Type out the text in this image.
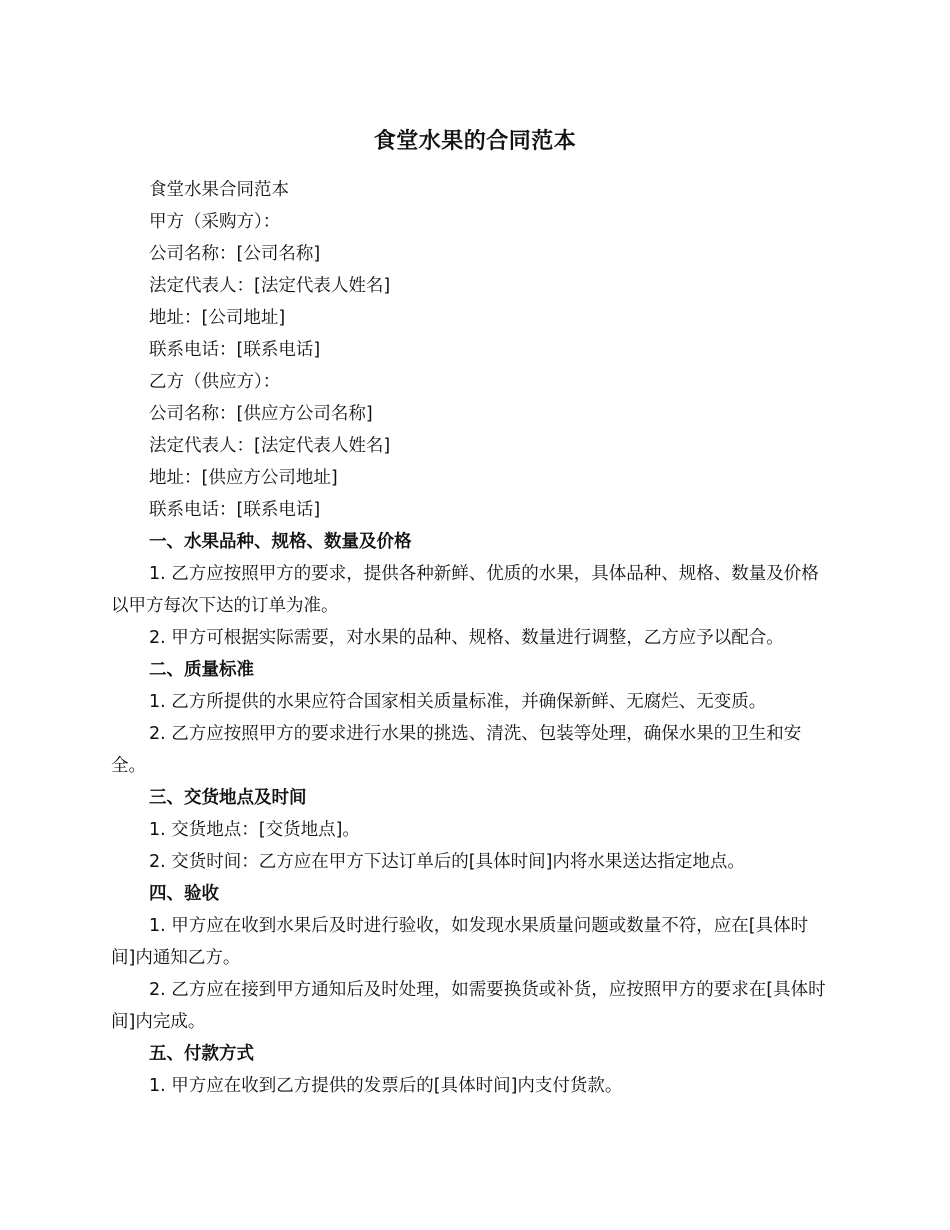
食堂水果的合同范本

食堂水果合同范本

甲方（采购方）：

公司名称：[公司名称]

法定代表人：[法定代表人姓名]

地址：[公司地址]

联系电话：[联系电话]

乙方（供应方）：

公司名称：[供应方公司名称]

法定代表人：[法定代表人姓名]

地址：[供应方公司地址]

联系电话：[联系电话]

一、水果品种、规格、数量及价格

1. 乙方应按照甲方的要求，提供各种新鲜、优质的水果，具体品种、规格、数量及价格以甲方每次下达的订单为准。

2. 甲方可根据实际需要，对水果的品种、规格、数量进行调整，乙方应予以配合。

二、质量标准

1. 乙方所提供的水果应符合国家相关质量标准，并确保新鲜、无腐烂、无变质。

2. 乙方应按照甲方的要求进行水果的挑选、清洗、包装等处理，确保水果的卫生和安全。

三、交货地点及时间

1. 交货地点：[交货地点]。

2. 交货时间：乙方应在甲方下达订单后的[具体时间]内将水果送达指定地点。

四、验收

1. 甲方应在收到水果后及时进行验收，如发现水果质量问题或数量不符，应在[具体时间]内通知乙方。

2. 乙方应在接到甲方通知后及时处理，如需要换货或补货，应按照甲方的要求在[具体时间]内完成。

五、付款方式

1. 甲方应在收到乙方提供的发票后的[具体时间]内支付货款。
